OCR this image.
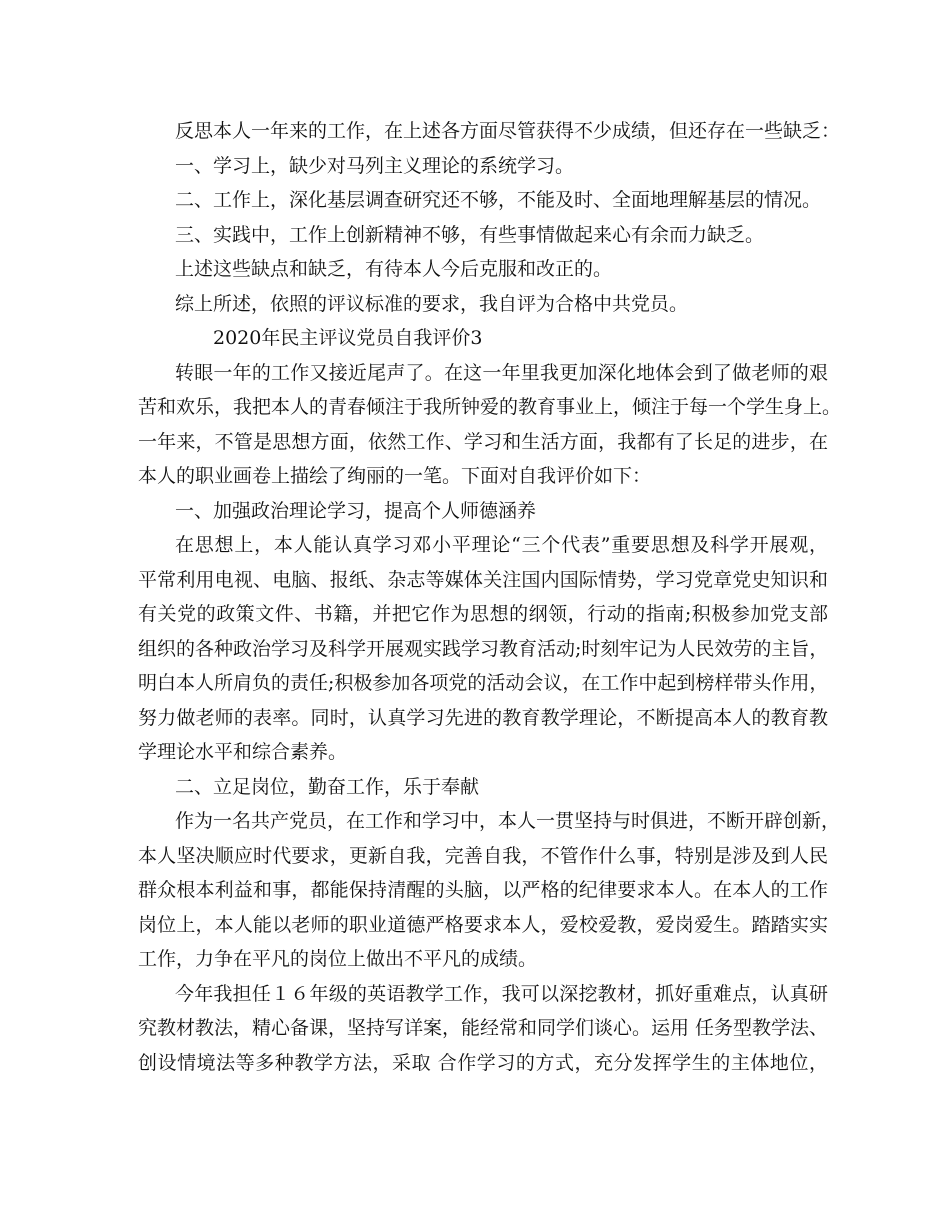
反思本人一年来的工作，在上述各方面尽管获得不少成绩，但还存在一些缺乏：

一、学习上，缺少对马列主义理论的系统学习。

二、工作上，深化基层调查研究还不够，不能及时、全面地理解基层的情况。

三、实践中，工作上创新精神不够，有些事情做起来心有余而力缺乏。

上述这些缺点和缺乏，有待本人今后克服和改正的。

综上所述，依照的评议标准的要求，我自评为合格中共党员。

2020年民主评议党员自我评价3

转眼一年的工作又接近尾声了。在这一年里我更加深化地体会到了做老师的艰

苦和欢乐，我把本人的青春倾注于我所钟爱的教育事业上，倾注于每一个学生身上。

一年来，不管是思想方面，依然工作、学习和生活方面，我都有了长足的进步，在

本人的职业画卷上描绘了绚丽的一笔。下面对自我评价如下：

一、加强政治理论学习，提高个人师德涵养

在思想上，本人能认真学习邓小平理论“三个代表”重要思想及科学开展观，

平常利用电视、电脑、报纸、杂志等媒体关注国内国际情势，学习党章党史知识和

有关党的政策文件、书籍，并把它作为思想的纲领，行动的指南;积极参加党支部

组织的各种政治学习及科学开展观实践学习教育活动;时刻牢记为人民效劳的主旨，

明白本人所肩负的责任;积极参加各项党的活动会议，在工作中起到榜样带头作用，

努力做老师的表率。同时，认真学习先进的教育教学理论，不断提高本人的教育教

学理论水平和综合素养。

二、立足岗位，勤奋工作，乐于奉献

作为一名共产党员，在工作和学习中，本人一贯坚持与时俱进，不断开辟创新，

本人坚决顺应时代要求，更新自我，完善自我，不管作什么事，特别是涉及到人民

群众根本利益和事，都能保持清醒的头脑，以严格的纪律要求本人。在本人的工作

岗位上，本人能以老师的职业道德严格要求本人，爱校爱教，爱岗爱生。踏踏实实

工作，力争在平凡的岗位上做出不平凡的成绩。

今年我担任１６年级的英语教学工作，我可以深挖教材，抓好重难点，认真研

究教材教法，精心备课，坚持写详案，能经常和同学们谈心。运用 任务型教学法、

创设情境法等多种教学方法，采取 合作学习的方式，充分发挥学生的主体地位，
